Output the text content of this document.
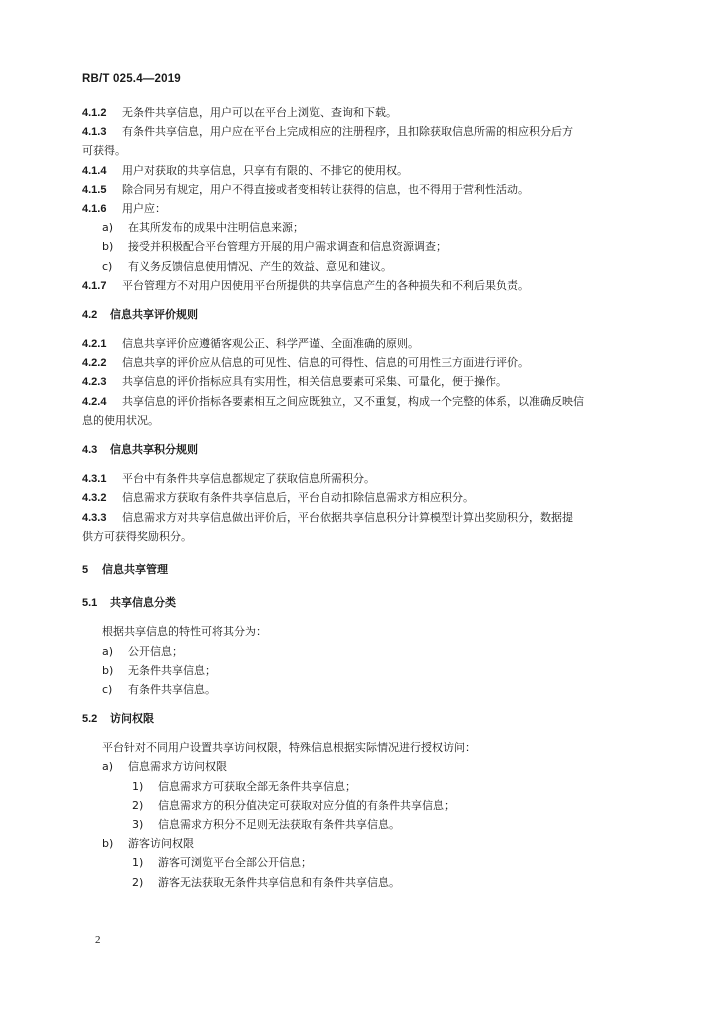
RB/T 025.4—2019
4.1.2 无条件共享信息，用户可以在平台上浏览、查询和下载。
4.1.3 有条件共享信息，用户应在平台上完成相应的注册程序，且扣除获取信息所需的相应积分后方
可获得。
4.1.4 用户对获取的共享信息，只享有有限的、不排它的使用权。
4.1.5 除合同另有规定，用户不得直接或者变相转让获得的信息，也不得用于营利性活动。
4.1.6 用户应：
a) 在其所发布的成果中注明信息来源；
b) 接受并积极配合平台管理方开展的用户需求调查和信息资源调查；
c) 有义务反馈信息使用情况、产生的效益、意见和建议。
4.1.7 平台管理方不对用户因使用平台所提供的共享信息产生的各种损失和不利后果负责。
4.2 信息共享评价规则
4.2.1 信息共享评价应遵循客观公正、科学严谨、全面准确的原则。
4.2.2 信息共享的评价应从信息的可见性、信息的可得性、信息的可用性三方面进行评价。
4.2.3 共享信息的评价指标应具有实用性，相关信息要素可采集、可量化，便于操作。
4.2.4 共享信息的评价指标各要素相互之间应既独立，又不重复，构成一个完整的体系，以准确反映信
息的使用状况。
4.3 信息共享积分规则
4.3.1 平台中有条件共享信息都规定了获取信息所需积分。
4.3.2 信息需求方获取有条件共享信息后，平台自动扣除信息需求方相应积分。
4.3.3 信息需求方对共享信息做出评价后，平台依据共享信息积分计算模型计算出奖励积分，数据提
供方可获得奖励积分。
5 信息共享管理
5.1 共享信息分类
根据共享信息的特性可将其分为：
a) 公开信息；
b) 无条件共享信息；
c) 有条件共享信息。
5.2 访问权限
平台针对不同用户设置共享访问权限，特殊信息根据实际情况进行授权访问：
a) 信息需求方访问权限
1) 信息需求方可获取全部无条件共享信息；
2) 信息需求方的积分值决定可获取对应分值的有条件共享信息；
3) 信息需求方积分不足则无法获取有条件共享信息。
b) 游客访问权限
1) 游客可浏览平台全部公开信息；
2) 游客无法获取无条件共享信息和有条件共享信息。
2
